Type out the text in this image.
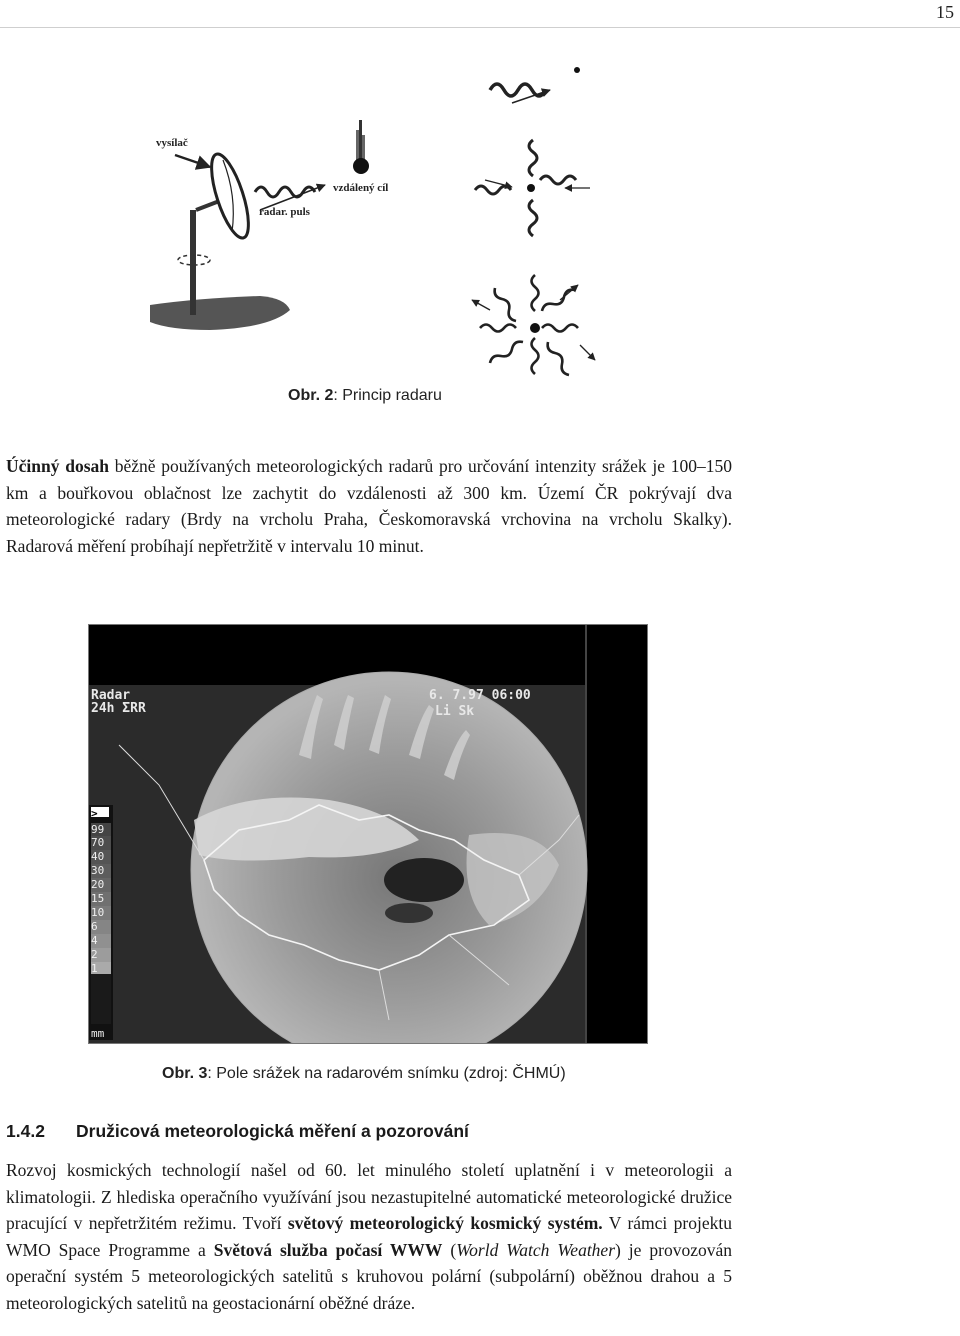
15
vysílač
radar. puls
vzdálený cíl
Obr. 2: Princip radaru

Účinný dosah běžně používaných meteorologických radarů pro určování intenzity srážek je 100–150 km a bouřkovou oblačnost lze zachytit do vzdálenosti až 300 km. Území ČR pokrývají dva meteorologické radary (Brdy na vrcholu Praha, Českomoravská vrchovina na vrcholu Skalky). Radarová měření probíhají nepřetržitě v intervalu 10 minut.

Radar
24h ΣRR
6. 7.97 06:00
Li Sk
>
99
70
40
30
20
15
10
6
4
2
1
mm
Obr. 3: Pole srážek na radarovém snímku (zdroj: ČHMÚ)
1.4.2 Družicová meteorologická měření a pozorování

Rozvoj kosmických technologií našel od 60. let minulého století uplatnění i v meteorologii a klimatologii. Z hlediska operačního využívání jsou nezastupitelné automatické meteorologické družice pracující v nepřetržitém režimu. Tvoří světový meteorologický kosmický systém. V rámci projektu WMO Space Programme a Světová služba počasí WWW (World Watch Weather) je provozován operační systém 5 meteorologických satelitů s kruhovou polární (subpolární) oběžnou drahou a 5 meteorologických satelitů na geostacionární oběžné dráze.
